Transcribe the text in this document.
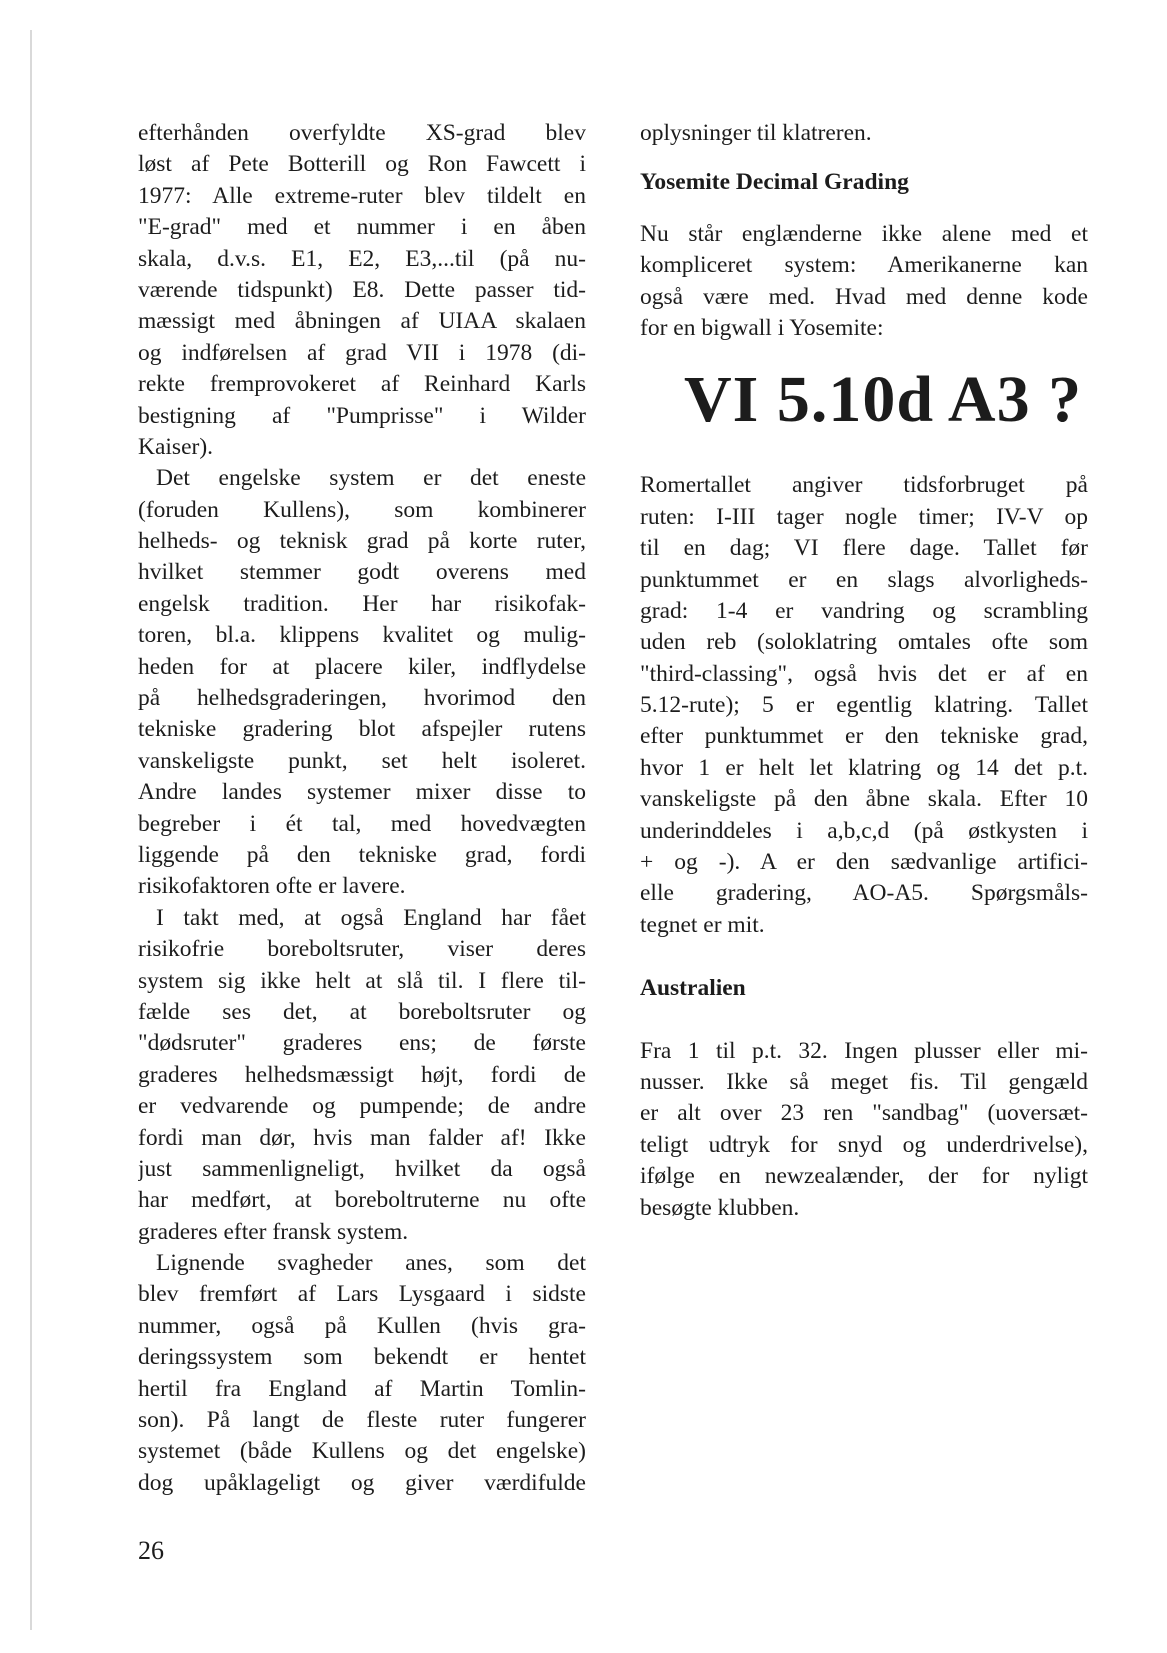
efterhånden overfyldte XS-grad blev
løst af Pete Botterill og Ron Fawcett i
1977: Alle extreme-ruter blev tildelt en
"E-grad" med et nummer i en åben
skala, d.v.s. E1, E2, E3,...til (på nu-
værende tidspunkt) E8. Dette passer tid-
mæssigt med åbningen af UIAA skalaen
og indførelsen af grad VII i 1978 (di-
rekte fremprovokeret af Reinhard Karls
bestigning af "Pumprisse" i Wilder
Kaiser).
Det engelske system er det eneste
(foruden Kullens), som kombinerer
helheds- og teknisk grad på korte ruter,
hvilket stemmer godt overens med
engelsk tradition. Her har risikofak-
toren, bl.a. klippens kvalitet og mulig-
heden for at placere kiler, indflydelse
på helhedsgraderingen, hvorimod den
tekniske gradering blot afspejler rutens
vanskeligste punkt, set helt isoleret.
Andre landes systemer mixer disse to
begreber i ét tal, med hovedvægten
liggende på den tekniske grad, fordi
risikofaktoren ofte er lavere.
I takt med, at også England har fået
risikofrie boreboltsruter, viser deres
system sig ikke helt at slå til. I flere til-
fælde ses det, at boreboltsruter og
"dødsruter" graderes ens; de første
graderes helhedsmæssigt højt, fordi de
er vedvarende og pumpende; de andre
fordi man dør, hvis man falder af! Ikke
just sammenligneligt, hvilket da også
har medført, at boreboltruterne nu ofte
graderes efter fransk system.
Lignende svagheder anes, som det
blev fremført af Lars Lysgaard i sidste
nummer, også på Kullen (hvis gra-
deringssystem som bekendt er hentet
hertil fra England af Martin Tomlin-
son). På langt de fleste ruter fungerer
systemet (både Kullens og det engelske)
dog upåklageligt og giver værdifulde
oplysninger til klatreren.
Yosemite Decimal Grading
Nu står englænderne ikke alene med et
kompliceret system: Amerikanerne kan
også være med. Hvad med denne kode
for en bigwall i Yosemite:
VI 5.10d A3 ?
Romertallet angiver tidsforbruget på
ruten: I-III tager nogle timer; IV-V op
til en dag; VI flere dage. Tallet før
punktummet er en slags alvorligheds-
grad: 1-4 er vandring og scrambling
uden reb (soloklatring omtales ofte som
"third-classing", også hvis det er af en
5.12-rute); 5 er egentlig klatring. Tallet
efter punktummet er den tekniske grad,
hvor 1 er helt let klatring og 14 det p.t.
vanskeligste på den åbne skala. Efter 10
underinddeles i a,b,c,d (på østkysten i
+ og -). A er den sædvanlige artifici-
elle gradering, AO-A5. Spørgsmåls-
tegnet er mit.
Australien
Fra 1 til p.t. 32. Ingen plusser eller mi-
nusser. Ikke så meget fis. Til gengæld
er alt over 23 ren "sandbag" (uoversæt-
teligt udtryk for snyd og underdrivelse),
ifølge en newzealænder, der for nyligt
besøgte klubben.
26
